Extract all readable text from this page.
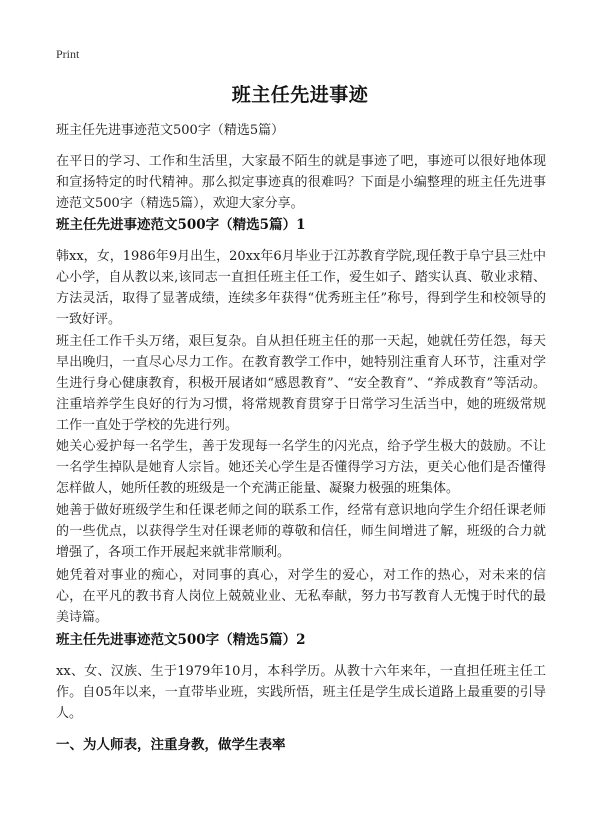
Print
班主任先进事迹
班主任先进事迹范文500字（精选5篇）
在平日的学习、工作和生活里，大家最不陌生的就是事迹了吧，事迹可以很好地体现和宣扬特定的时代精神。那么拟定事迹真的很难吗？下面是小编整理的班主任先进事迹范文500字（精选5篇），欢迎大家分享。
班主任先进事迹范文500字（精选5篇）1
韩xx，女，1986年9月出生，20xx年6月毕业于江苏教育学院,现任教于阜宁县三灶中心小学，自从教以来,该同志一直担任班主任工作，爱生如子、踏实认真、敬业求精、方法灵活，取得了显著成绩，连续多年获得“优秀班主任”称号，得到学生和校领导的一致好评。
班主任工作千头万绪，艰巨复杂。自从担任班主任的那一天起，她就任劳任怨，每天早出晚归，一直尽心尽力工作。在教育教学工作中，她特别注重育人环节，注重对学生进行身心健康教育，积极开展诸如“感恩教育”、“安全教育”、“养成教育”等活动。注重培养学生良好的行为习惯，将常规教育贯穿于日常学习生活当中，她的班级常规工作一直处于学校的先进行列。
她关心爱护每一名学生，善于发现每一名学生的闪光点，给予学生极大的鼓励。不让一名学生掉队是她育人宗旨。她还关心学生是否懂得学习方法，更关心他们是否懂得怎样做人，她所任教的班级是一个充满正能量、凝聚力极强的班集体。
她善于做好班级学生和任课老师之间的联系工作，经常有意识地向学生介绍任课老师的一些优点，以获得学生对任课老师的尊敬和信任，师生间增进了解，班级的合力就增强了，各项工作开展起来就非常顺利。
她凭着对事业的痴心，对同事的真心，对学生的爱心，对工作的热心，对未来的信心，在平凡的教书育人岗位上兢兢业业、无私奉献，努力书写教育人无愧于时代的最美诗篇。
班主任先进事迹范文500字（精选5篇）2
xx、女、汉族、生于1979年10月，本科学历。从教十六年来年，一直担任班主任工作。自05年以来，一直带毕业班，实践所悟，班主任是学生成长道路上最重要的引导人。
一、为人师表，注重身教，做学生表率
